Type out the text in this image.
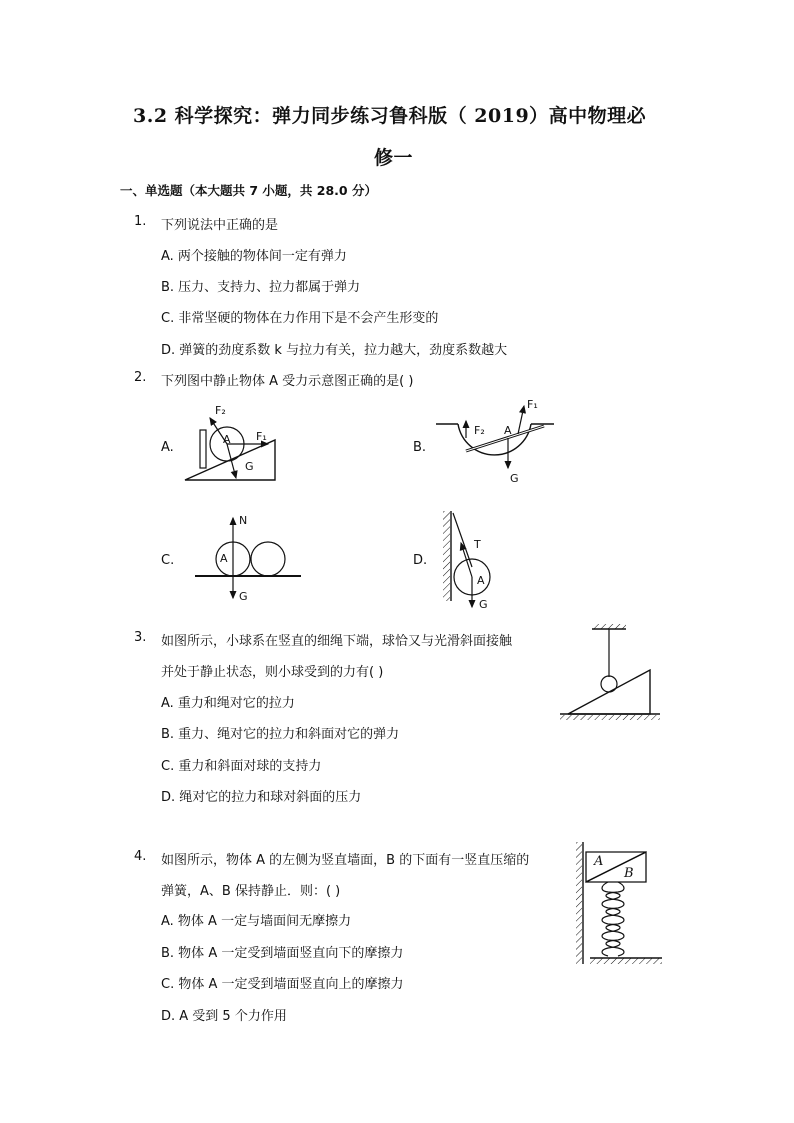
3.2 科学探究：弹力同步练习鲁科版（ 2019）高中物理必
修一
一、单选题（本大题共 7 小题，共 28.0 分）
1. 下列说法中正确的是
A. 两个接触的物体间一定有弹力
B. 压力、支持力、拉力都属于弹力
C. 非常坚硬的物体在力作用下是不会产生形变的
D. 弹簧的劲度系数 k 与拉力有关，拉力越大，劲度系数越大
2. 下列图中静止物体 A 受力示意图正确的是( )
A.	B.
C.	D.
F₂
A F₁
G
F₁
F₂ A
G
N
A
G
T
A
G
3. 如图所示，小球系在竖直的细绳下端，球恰又与光滑斜面接触
并处于静止状态，则小球受到的力有( )
A. 重力和绳对它的拉力
B. 重力、绳对它的拉力和斜面对它的弹力
C. 重力和斜面对球的支持力
D. 绳对它的拉力和球对斜面的压力
4. 如图所示，物体 A 的左侧为竖直墙面，B 的下面有一竖直压缩的
弹簧，A、B 保持静止．则：( )
A. 物体 A 一定与墙面间无摩擦力
B. 物体 A 一定受到墙面竖直向下的摩擦力
C. 物体 A 一定受到墙面竖直向上的摩擦力
D. A 受到 5 个力作用
A
B
